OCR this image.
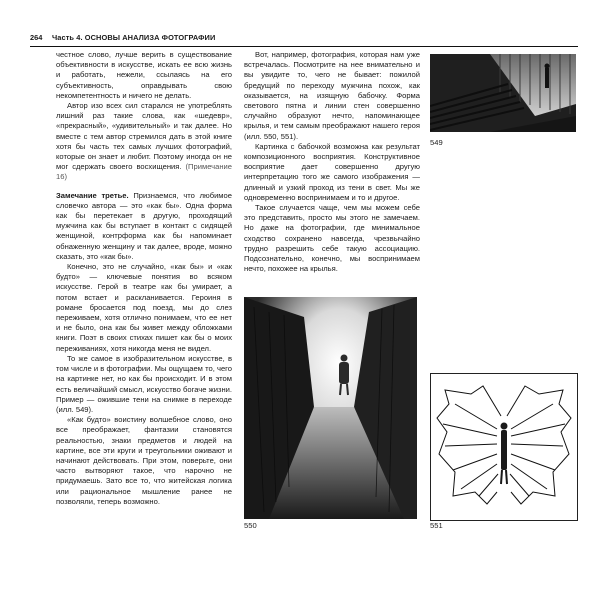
264 Часть 4. ОСНОВЫ АНАЛИЗА ФОТОГРАФИИ

честное слово, лучше верить в существование объективности в искусстве, искать ее всю жизнь и работать, нежели, ссылаясь на его субъективность, оправдывать свою некомпетентность и ничего не делать.

Автор изо всех сил старался не употреблять лишний раз такие слова, как «шедевр», «прекрасный», «удивительный» и так далее. Но вместе с тем автор стремился дать в этой книге хотя бы часть тех самых лучших фотографий, которые он знает и любит. Поэтому иногда он не мог сдержать своего восхищения. (Примечание 16)

Замечание третье. Признаемся, что любимое словечко автора — это «как бы». Одна форма как бы перетекает в другую, проходящий мужчина как бы вступает в контакт с сидящей женщиной, контрформа как бы напоминает обнаженную женщину и так далее, вроде, можно сказать, это «как бы».

Конечно, это не случайно, «как бы» и «как будто» — ключевые понятия во всяком искусстве. Герой в театре как бы умирает, а потом встает и раскланивается. Героиня в романе бросается под поезд, мы до слез переживаем, хотя отлично понимаем, что ее нет и не было, она как бы живет между обложками книги. Поэт в своих стихах пишет как бы о моих переживаниях, хотя никогда меня не видел.

То же самое в изобразительном искусстве, в том числе и в фотографии. Мы ощущаем то, чего на картинке нет, но как бы происходит. И в этом есть величайший смысл, искусство богаче жизни. Пример — ожившие тени на снимке в переходе (илл. 549).

«Как будто» воистину волшебное слово, оно все преображает, фантазии становятся реальностью, знаки предметов и людей на картине, все эти круги и треугольники оживают и начинают действовать. При этом, поверьте, они часто вытворяют такое, что нарочно не придумаешь. Зато все то, что житейская логика или рациональное мышление ранее не позволяли, теперь возможно.

Вот, например, фотография, которая нам уже встречалась. Посмотрите на нее внимательно и вы увидите то, чего не бывает: пожилой бредущий по переходу мужчина похож, как оказывается, на изящную бабочку. Форма светового пятна и линии стен совершенно случайно образуют нечто, напоминающее крылья, и тем самым преображают нашего героя (илл. 550, 551).

Картинка с бабочкой возможна как результат композиционного восприятия. Конструктивное восприятие дает совершенно другую интерпретацию того же самого изображения — длинный и узкий проход из тени в свет. Мы же одновременно воспринимаем и то и другое.

Такое случается чаще, чем мы можем себе это представить, просто мы этого не замечаем. Но даже на фотографии, где минимальное сходство сохранено навсегда, чрезвычайно трудно разрешить себе такую ассоциацию. Подсознательно, конечно, мы воспринимаем нечто, похожее на крылья.

549
550	551
